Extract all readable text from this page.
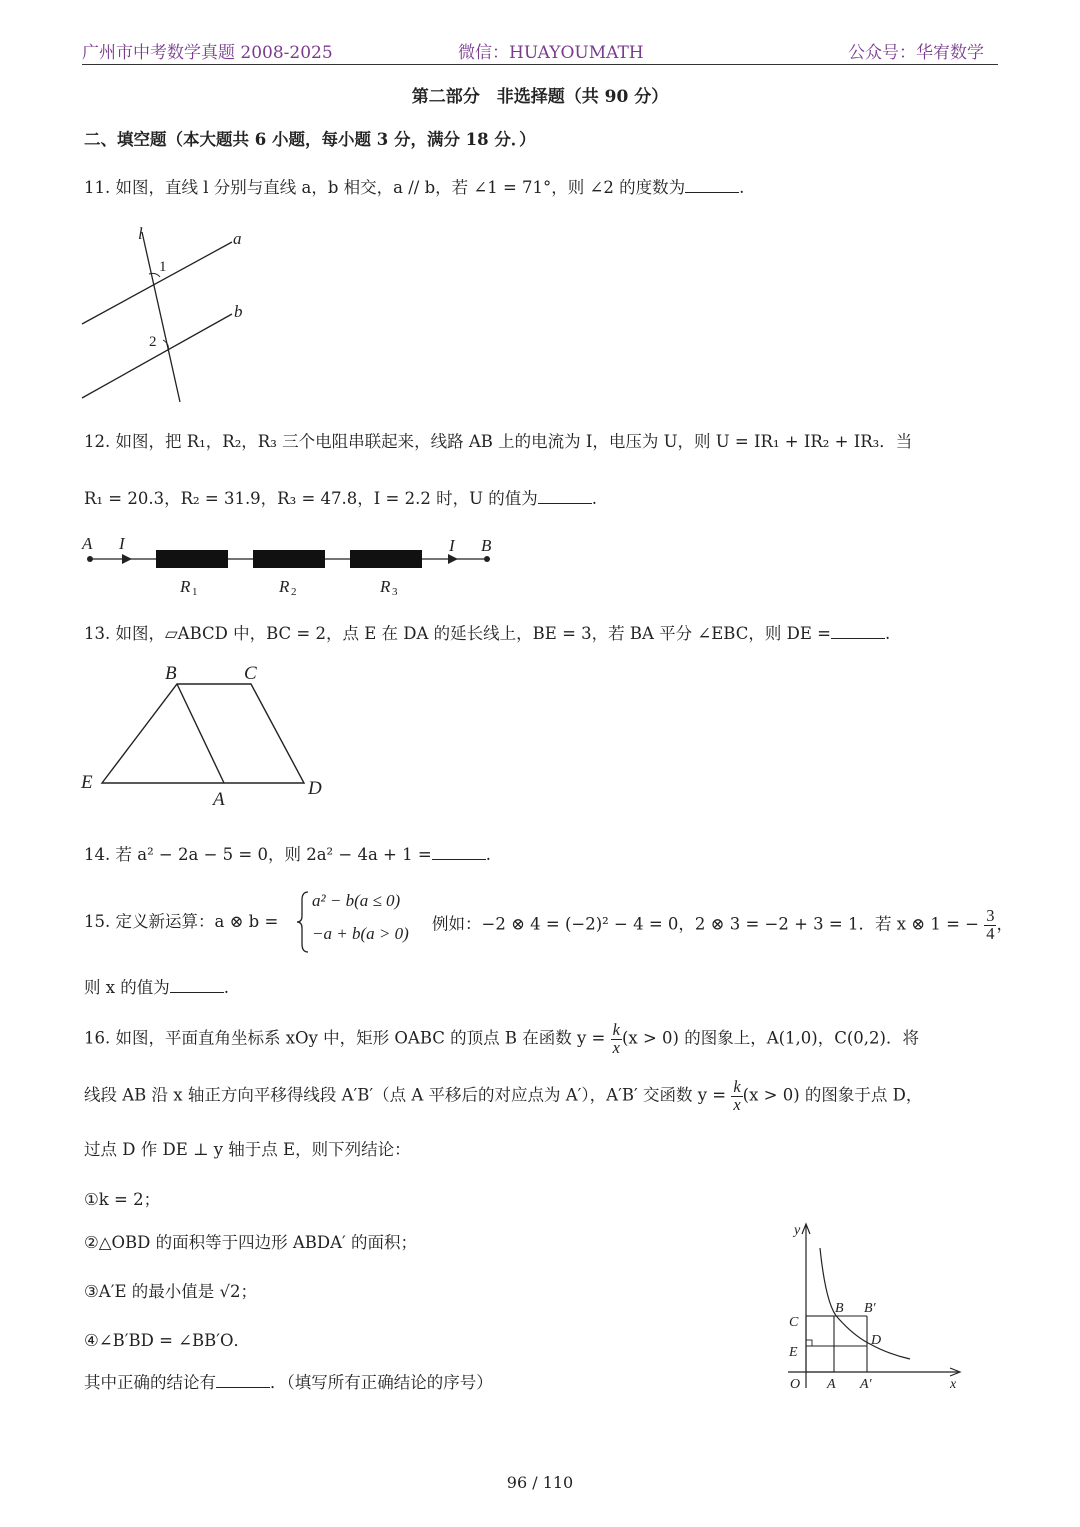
广州市中考数学真题 2008-2025	微信：HUAYOUMATH	公众号：华宥数学
第二部分　非选择题（共 90 分）
二、填空题（本大题共 6 小题，每小题 3 分，满分 18 分．）
11. 如图，直线 l 分别与直线 a，b 相交，a // b，若 ∠1 = 71°，则 ∠2 的度数为	.
l	a
b
1
2
12. 如图，把 R₁，R₂，R₃ 三个电阻串联起来，线路 AB 上的电流为 I，电压为 U，则 U = IR₁ + IR₂ + IR₃．当
R₁ = 20.3，R₂ = 31.9，R₃ = 47.8，I = 2.2 时，U 的值为	.
A I	I B
R 1	R 2	R 3
13. 如图，▱ABCD 中，BC = 2，点 E 在 DA 的延长线上，BE = 3，若 BA 平分 ∠EBC，则 DE =	.
B	C
E
A
D
14. 若 a² − 2a − 5 = 0，则 2a² − 4a + 1 =	.
15. 定义新运算：a ⊗ b =
a² − b(a ≤ 0)
−a + b(a > 0) 例如：−2 ⊗ 4 = (−2)² − 4 = 0，2 ⊗ 3 = −2 + 3 = 1．若 x ⊗ 1 = − $\frac{3}{4}$ ，
则 x 的值为	.
16. 如图，平面直角坐标系 xOy 中，矩形 OABC 的顶点 B 在函数 $y = \frac{k}{x} (x > 0)$ 的图象上，A(1,0)，C(0,2)．将
线段 AB 沿 x 轴正方向平移得线段 A′B′（点 A 平移后的对应点为 A′），A′B′ 交函数 $y = \frac{k}{x} (x > 0)$ 的图象于点 D，
过点 D 作 DE ⊥ y 轴于点 E，则下列结论：
①k = 2；
②△OBD 的面积等于四边形 ABDA′ 的面积；
③A′E 的最小值是 √2；
④∠B′BD = ∠BB′O．
其中正确的结论有	．（填写所有正确结论的序号）
y
x
O A A′
B B′
C
D
E
96 / 110
